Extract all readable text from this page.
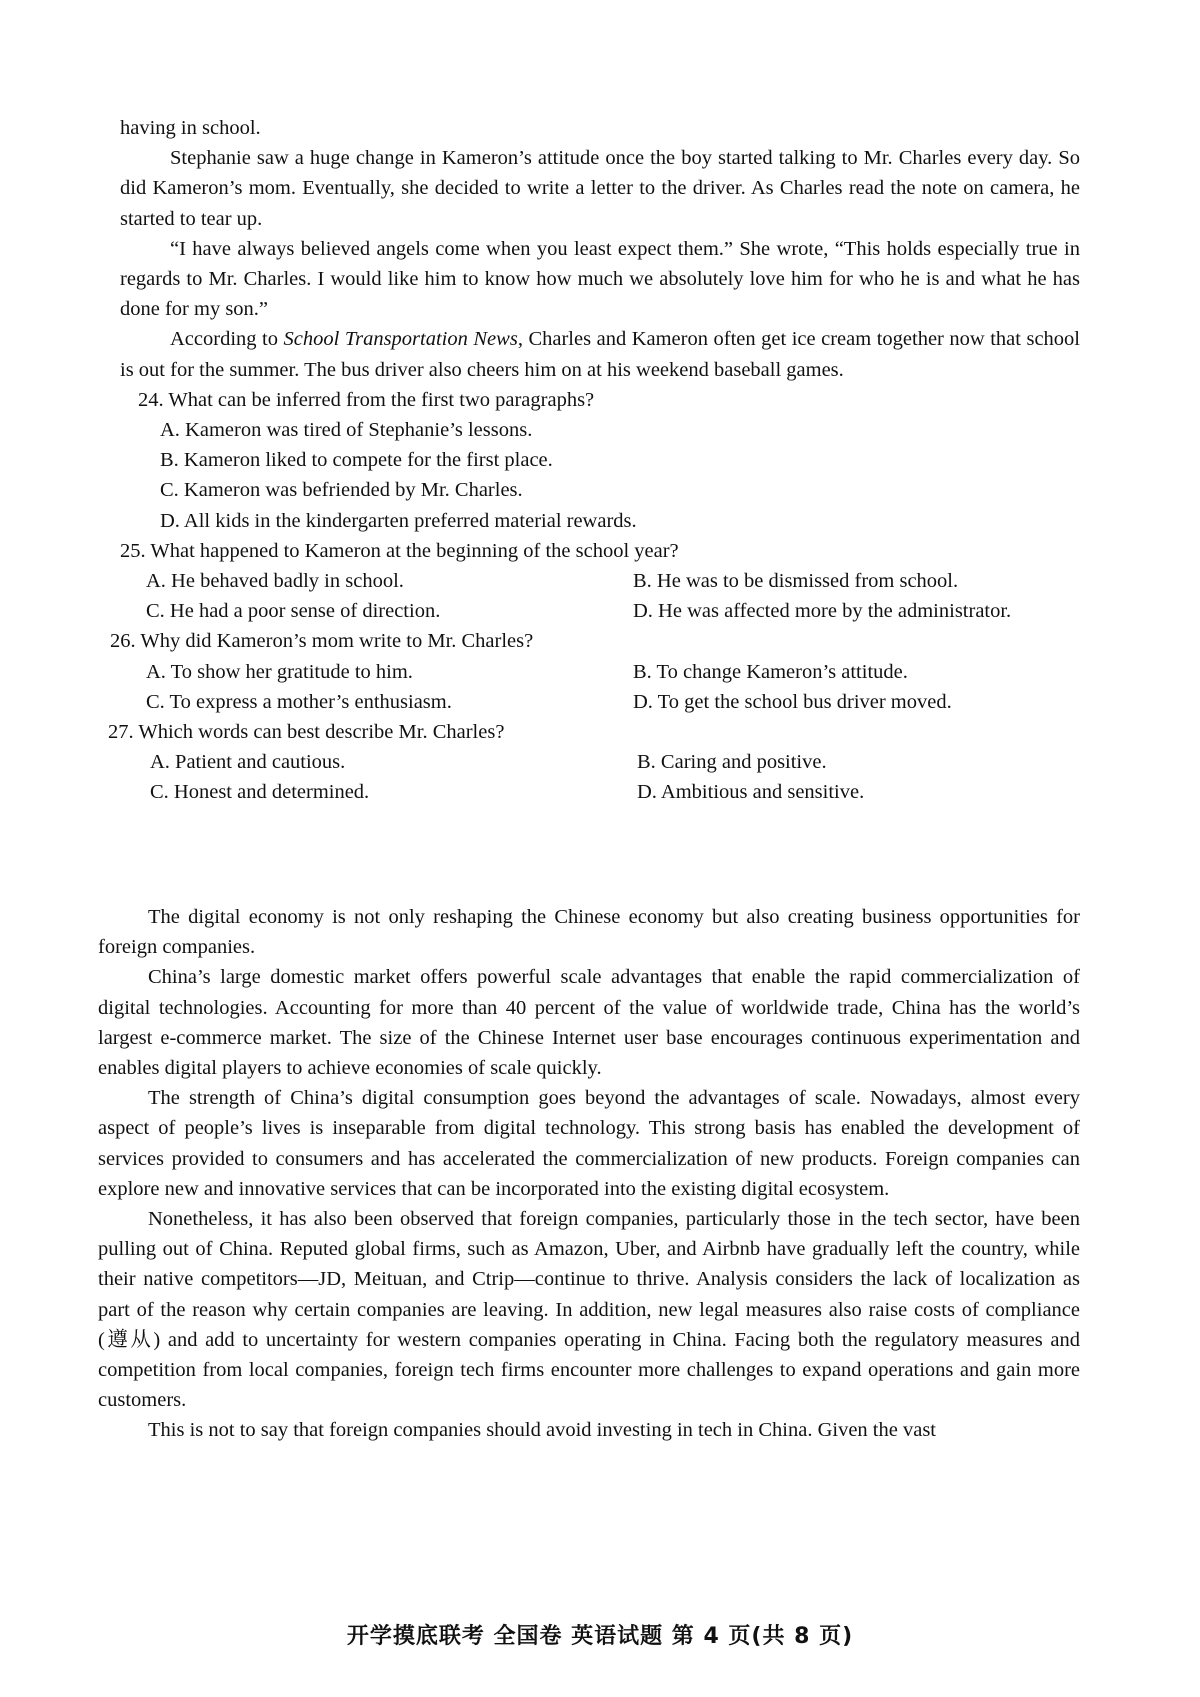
having in school.

Stephanie saw a huge change in Kameron’s attitude once the boy started talking to Mr. Charles every day. So did Kameron’s mom. Eventually, she decided to write a letter to the driver. As Charles read the note on camera, he started to tear up.

“I have always believed angels come when you least expect them.” She wrote, “This holds especially true in regards to Mr. Charles. I would like him to know how much we absolutely love him for who he is and what he has done for my son.”

According to School Transportation News, Charles and Kameron often get ice cream together now that school is out for the summer. The bus driver also cheers him on at his weekend baseball games.

24. What can be inferred from the first two paragraphs?

A. Kameron was tired of Stephanie’s lessons.

B. Kameron liked to compete for the first place.

C. Kameron was befriended by Mr. Charles.

D. All kids in the kindergarten preferred material rewards.

25. What happened to Kameron at the beginning of the school year?

A. He behaved badly in school.	B. He was to be dismissed from school.

C. He had a poor sense of direction.	D. He was affected more by the administrator.

26. Why did Kameron’s mom write to Mr. Charles?

A. To show her gratitude to him.	B. To change Kameron’s attitude.

C. To express a mother’s enthusiasm.	D. To get the school bus driver moved.

27. Which words can best describe Mr. Charles?

A. Patient and cautious.	B. Caring and positive.

C. Honest and determined.	D. Ambitious and sensitive.

The digital economy is not only reshaping the Chinese economy but also creating business opportunities for foreign companies.

China’s large domestic market offers powerful scale advantages that enable the rapid commercialization of digital technologies. Accounting for more than 40 percent of the value of worldwide trade, China has the world’s largest e-commerce market. The size of the Chinese Internet user base encourages continuous experimentation and enables digital players to achieve economies of scale quickly.

The strength of China’s digital consumption goes beyond the advantages of scale. Nowadays, almost every aspect of people’s lives is inseparable from digital technology. This strong basis has enabled the development of services provided to consumers and has accelerated the commercialization of new products. Foreign companies can explore new and innovative services that can be incorporated into the existing digital ecosystem.

Nonetheless, it has also been observed that foreign companies, particularly those in the tech sector, have been pulling out of China. Reputed global firms, such as Amazon, Uber, and Airbnb have gradually left the country, while their native competitors—JD, Meituan, and Ctrip—continue to thrive. Analysis considers the lack of localization as part of the reason why certain companies are leaving. In addition, new legal measures also raise costs of compliance (遵从) and add to uncertainty for western companies operating in China. Facing both the regulatory measures and competition from local companies, foreign tech firms encounter more challenges to expand operations and gain more customers.

This is not to say that foreign companies should avoid investing in tech in China. Given the vast

开学摸底联考 全国卷 英语试题 第 4 页(共 8 页)
